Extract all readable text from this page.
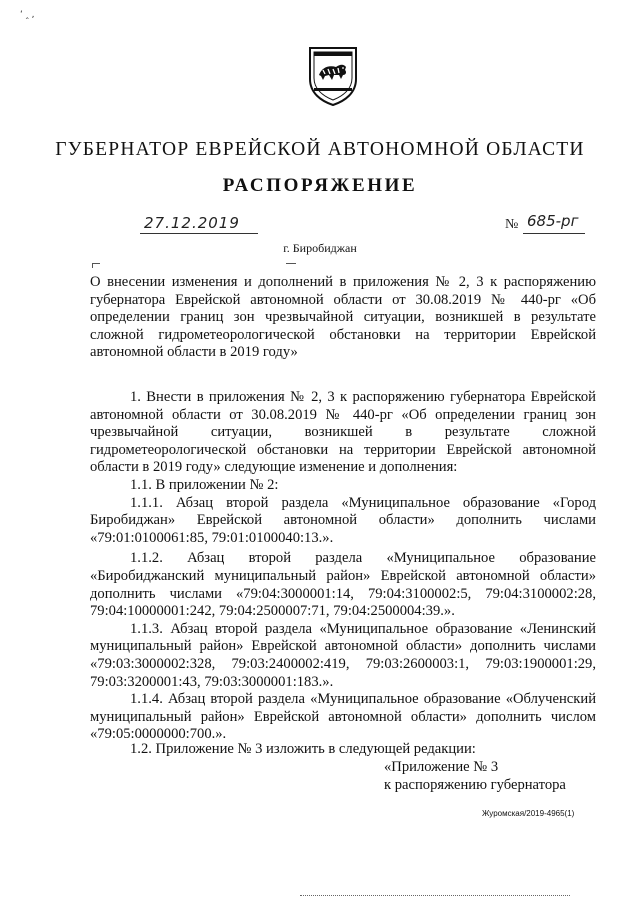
ʻ ‸ ,
ГУБЕРНАТОР ЕВРЕЙСКОЙ АВТОНОМНОЙ ОБЛАСТИ
РАСПОРЯЖЕНИЕ
27.12.2019	№ 685-рг
г. Биробиджан
О внесении изменения и дополнений в приложения № 2, 3 к распоряжению
губернатора Еврейской автономной области от 30.08.2019 № 440-рг «Об
определении границ зон чрезвычайной ситуации, возникшей в результате
сложной гидрометеорологической обстановки на территории Еврейской
автономной области в 2019 году»
1. Внести в приложения № 2, 3 к распоряжению губернатора Еврейской
автономной области от 30.08.2019 № 440-рг «Об определении границ зон
чрезвычайной ситуации, возникшей в результате сложной
гидрометеорологической обстановки на территории Еврейской автономной
области в 2019 году» следующие изменение и дополнения:
1.1. В приложении № 2:
1.1.1. Абзац второй раздела «Муниципальное образование «Город
Биробиджан» Еврейской автономной области» дополнить числами
«79:01:0100061:85, 79:01:0100040:13.».
1.1.2. Абзац второй раздела «Муниципальное образование
«Биробиджанский муниципальный район» Еврейской автономной области»
дополнить числами «79:04:3000001:14, 79:04:3100002:5, 79:04:3100002:28,
79:04:10000001:242, 79:04:2500007:71, 79:04:2500004:39.».
1.1.3. Абзац второй раздела «Муниципальное образование «Ленинский
муниципальный район» Еврейской автономной области» дополнить числами
«79:03:3000002:328, 79:03:2400002:419, 79:03:2600003:1, 79:03:1900001:29,
79:03:3200001:43, 79:03:3000001:183.».
1.1.4. Абзац второй раздела «Муниципальное образование «Облученский
муниципальный район» Еврейской автономной области» дополнить числом
«79:05:0000000:700.».
1.2. Приложение № 3 изложить в следующей редакции:
«Приложение № 3
к распоряжению губернатора
Журомская/2019-4965(1)
